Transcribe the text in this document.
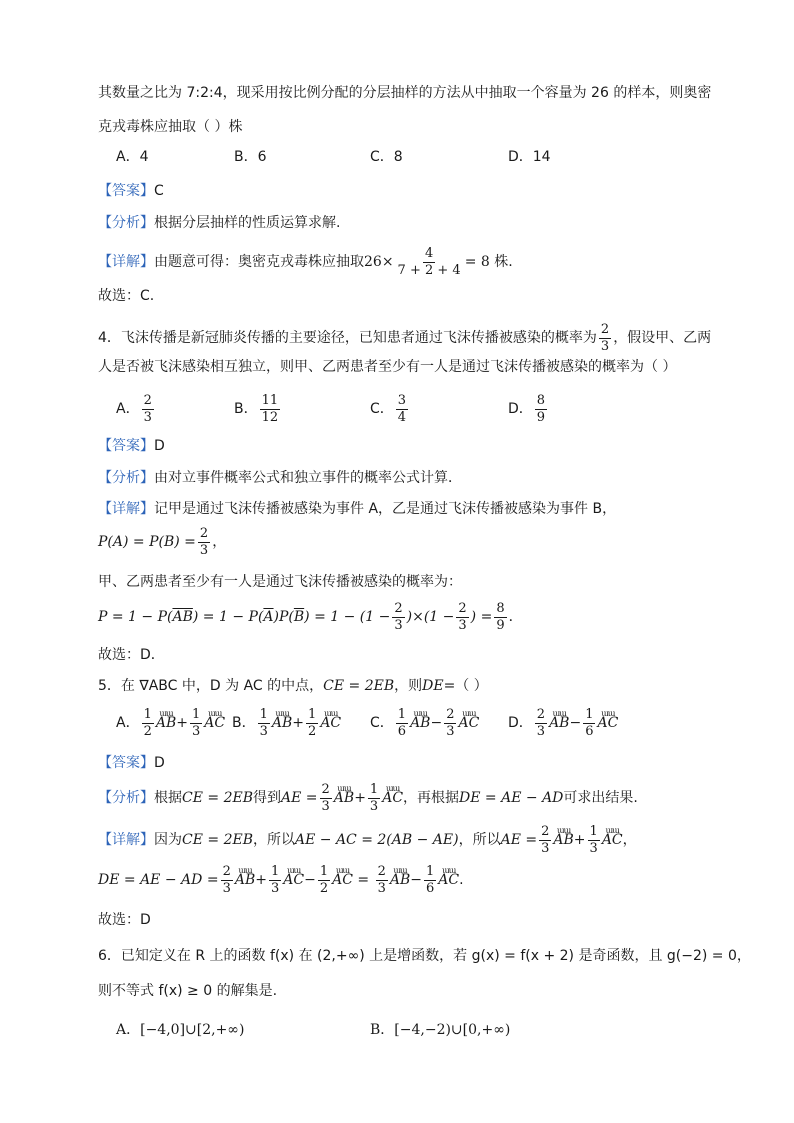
其数量之比为 7:2:4，现采用按比例分配的分层抽样的方法从中抽取一个容量为 26 的样本，则奥密
克戎毒株应抽取（ ）株
A．4	B．6	C．8	D．14
【答案】C
【分析】根据分层抽样的性质运算求解.
【详解】由题意可得：奥密克戎毒株应抽取$26\times \frac{4}{7 + 2 + 4} = 8$ 株.
故选：C.
4．飞沫传播是新冠肺炎传播的主要途径，已知患者通过飞沫传播被感染的概率为 $\frac{2}{3}$ ，假设甲、乙两
人是否被飞沫感染相互独立，则甲、乙两患者至少有一人是通过飞沫传播被感染的概率为（ ）
A． $\frac{2}{3}$	B． $\frac{11}{12}$	C． $\frac{3}{4}$	D． $\frac{8}{9}$
【答案】D
【分析】由对立事件概率公式和独立事件的概率公式计算．
【详解】记甲是通过飞沫传播被感染为事件 A，乙是通过飞沫传播被感染为事件 B，
$P(A) = P(B) = \frac{2}{3}$ ，
甲、乙两患者至少有一人是通过飞沫传播被感染的概率为：
$P = 1 - P(\overline{AB}) = 1 - P(\overline{A})P(\overline{B}) = 1 - (1 - \frac{2}{3} )\times(1 - \frac{2}{3}$ ) = $\frac{8}{9}$ ．
故选：D．
5．在 ∇ABC 中，D 为 AC 的中点，CE = 2EB，则DE=（ ）
A． $\frac{1}{2}$ ɯɯ $AB+ \frac{1}{3}$ ɯɯ AC B． $\frac{1}{3}$ ɯɯ $AB+ \frac{1}{2}$ ɯɯ AC C． $\frac{1}{6}$ ɯɯ $AB- \frac{2}{3}$ ɯɯ AC D． $\frac{2}{3}$ ɯɯ $AB- \frac{1}{6}$ ɯɯ AC
【答案】D
【分析】根据CE = 2EB得到AE = $\frac{2}{3}$ ɯɯ $AB+ \frac{1}{3}$ ɯɯ AC，再根据DE = AE − AD可求出结果.
【详解】因为CE = 2EB，所以AE − AC = 2(AB − AE)，所以AE = $\frac{2}{3}$ ɯɯ $AB+ \frac{1}{3}$ ɯɯ AC，
DE = AE − AD = $\frac{2}{3}$ ɯɯ $AB+ \frac{1}{3}$ ɯɯ $AC- \frac{1}{2}$ ɯɯ AC = $\frac{2}{3}$ ɯɯ $AB- \frac{1}{6}$ ɯɯ AC.
故选：D
6．已知定义在 R 上的函数 f(x) 在 (2,+∞) 上是增函数，若 g(x) = f(x + 2) 是奇函数，且 g(−2) = 0，
则不等式 f(x) ≥ 0 的解集是.
A．[−4,0]∪[2,+∞)	B．[−4,−2)∪[0,+∞)
